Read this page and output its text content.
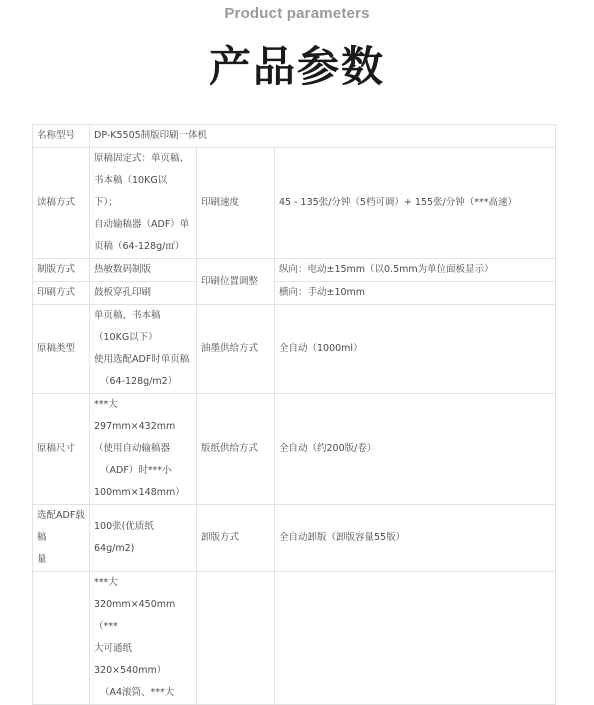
Product parameters
产品参数
名称型号	DP-K5505制版印刷一体机		
读稿方式	原稿固定式：单页稿、
书本稿（10KG以
下）；
自动输稿器（ADF）单
页稿（64-128g/㎡）	印刷速度	45 - 135张/分钟（5档可调）+ 155张/分钟（***高速）
制版方式	热敏数码制版	印刷位置调整	纵向：电动±15mm（以0.5mm为单位面板显示）
印刷方式	鼓板穿孔印刷		横向：手动±10mm
原稿类型	单页稿、书本稿
（10KG以下）
使用选配ADF时单页稿
（64-128g/m2）	油墨供给方式	全自动（1000ml）
原稿尺寸	***大297mm×432mm
（使用自动输稿器
（ADF）时***小
100mm×148mm）	版纸供给方式	全自动（约200版/卷）

选配ADF载稿
量	100张(优质纸
64g/m2)	卸版方式	全自动卸版（卸版容量55版）

	***大
320mm×450mm（***
大可通纸
320×540mm）
（A4滚筒、***大		
